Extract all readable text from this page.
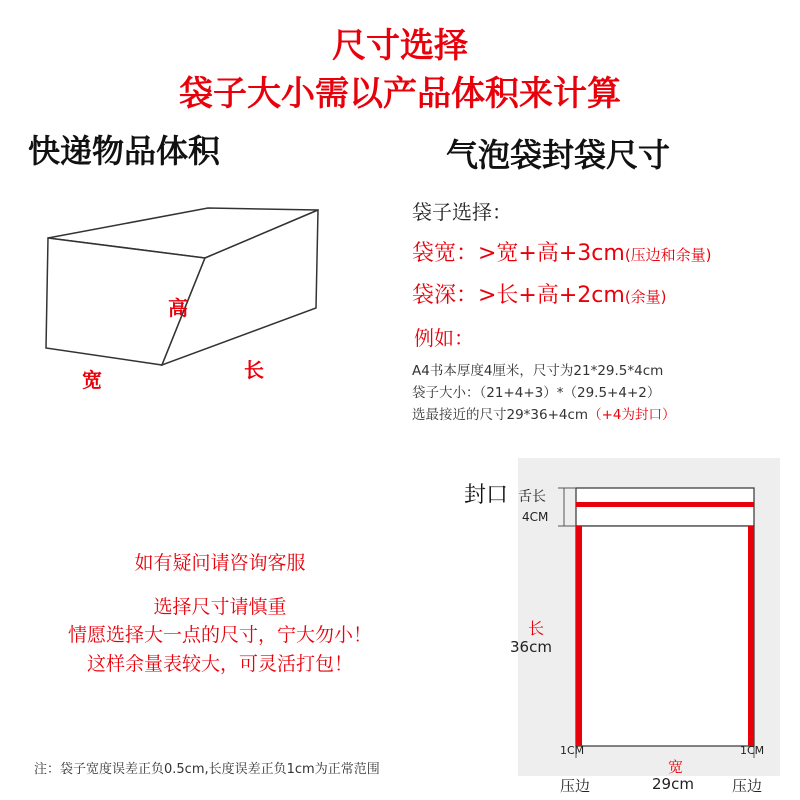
尺寸选择
袋子大小需以产品体积来计算
快递物品体积
高
宽	长
气泡袋封袋尺寸
袋子选择：
袋宽：>宽+高+3cm(压边和余量)
袋深：>长+高+2cm(余量)
例如：
A4书本厚度4厘米，尺寸为21*29.5*4cm
袋子大小：（21+4+3）*（29.5+4+2）
选最接近的尺寸29*36+4cm（+4为封口）
如有疑问请咨询客服
选择尺寸请慎重
情愿选择大一点的尺寸，宁大勿小！
这样余量表较大，可灵活打包！
封口 舌长
4CM
长
36cm
1CM	1CM
压边	压边
宽
29cm
注：袋子宽度误差正负0.5cm,长度误差正负1cm为正常范围
